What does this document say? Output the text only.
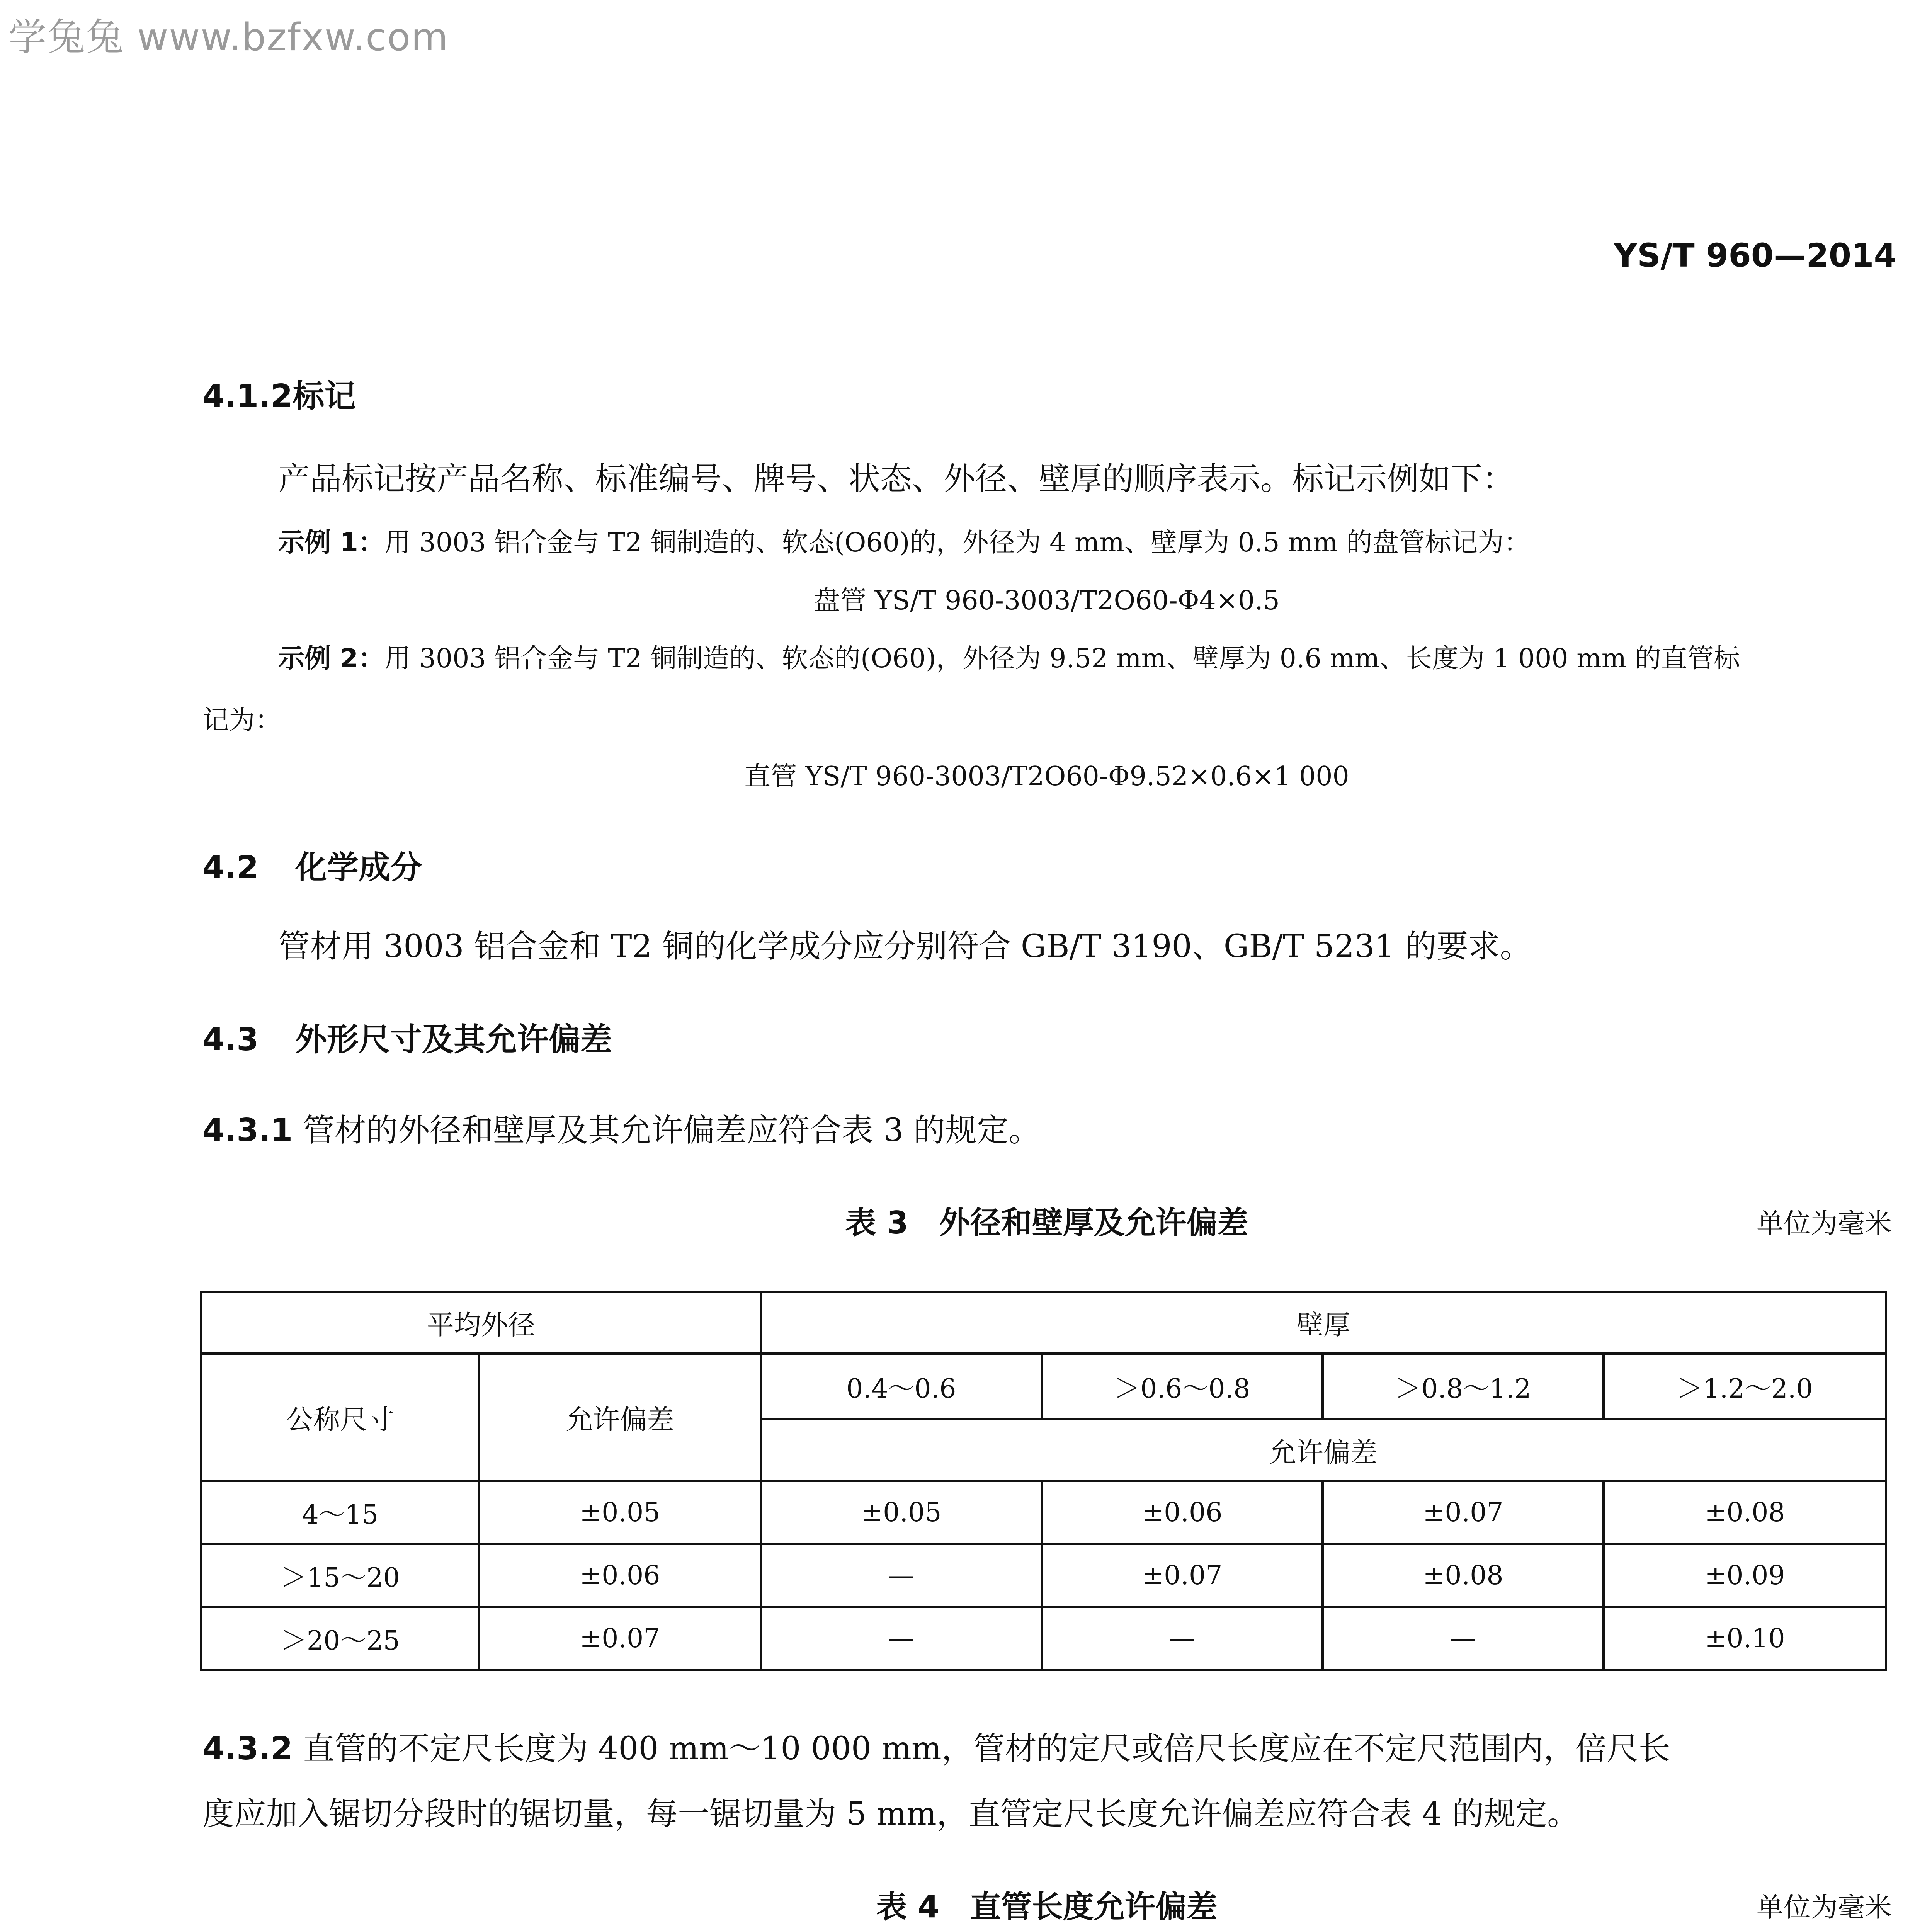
学兔兔 www.bzfxw.com
YS/T 960—2014
4.1.2标记
产品标记按产品名称、标准编号、牌号、状态、外径、壁厚的顺序表示。标记示例如下：
示例 1：用 3003 铝合金与 T2 铜制造的、软态(O60)的，外径为 4 mm、壁厚为 0.5 mm 的盘管标记为：
盘管 YS/T 960-3003/T2O60-Φ4×0.5
示例 2：用 3003 铝合金与 T2 铜制造的、软态的(O60)，外径为 9.52 mm、壁厚为 0.6 mm、长度为 1 000 mm 的直管标
记为：
直管 YS/T 960-3003/T2O60-Φ9.52×0.6×1 000
4.2 化学成分
管材用 3003 铝合金和 T2 铜的化学成分应分别符合 GB/T 3190、GB/T 5231 的要求。
4.3 外形尺寸及其允许偏差
4.3.1 管材的外径和壁厚及其允许偏差应符合表 3 的规定。
表 3　外径和壁厚及允许偏差	单位为毫米
平均外径		壁厚			
公称尺寸	允许偏差	0.4～0.6	＞0.6～0.8	＞0.8～1.2	＞1.2～2.0
		允许偏差			
4～15	±0.05	±0.05	±0.06	±0.07	±0.08
＞15～20	±0.06	—	±0.07	±0.08	±0.09
＞20～25	±0.07	—	—	—	±0.10
4.3.2 直管的不定尺长度为 400 mm～10 000 mm，管材的定尺或倍尺长度应在不定尺范围内，倍尺长
度应加入锯切分段时的锯切量，每一锯切量为 5 mm，直管定尺长度允许偏差应符合表 4 的规定。
表 4　直管长度允许偏差	单位为毫米
